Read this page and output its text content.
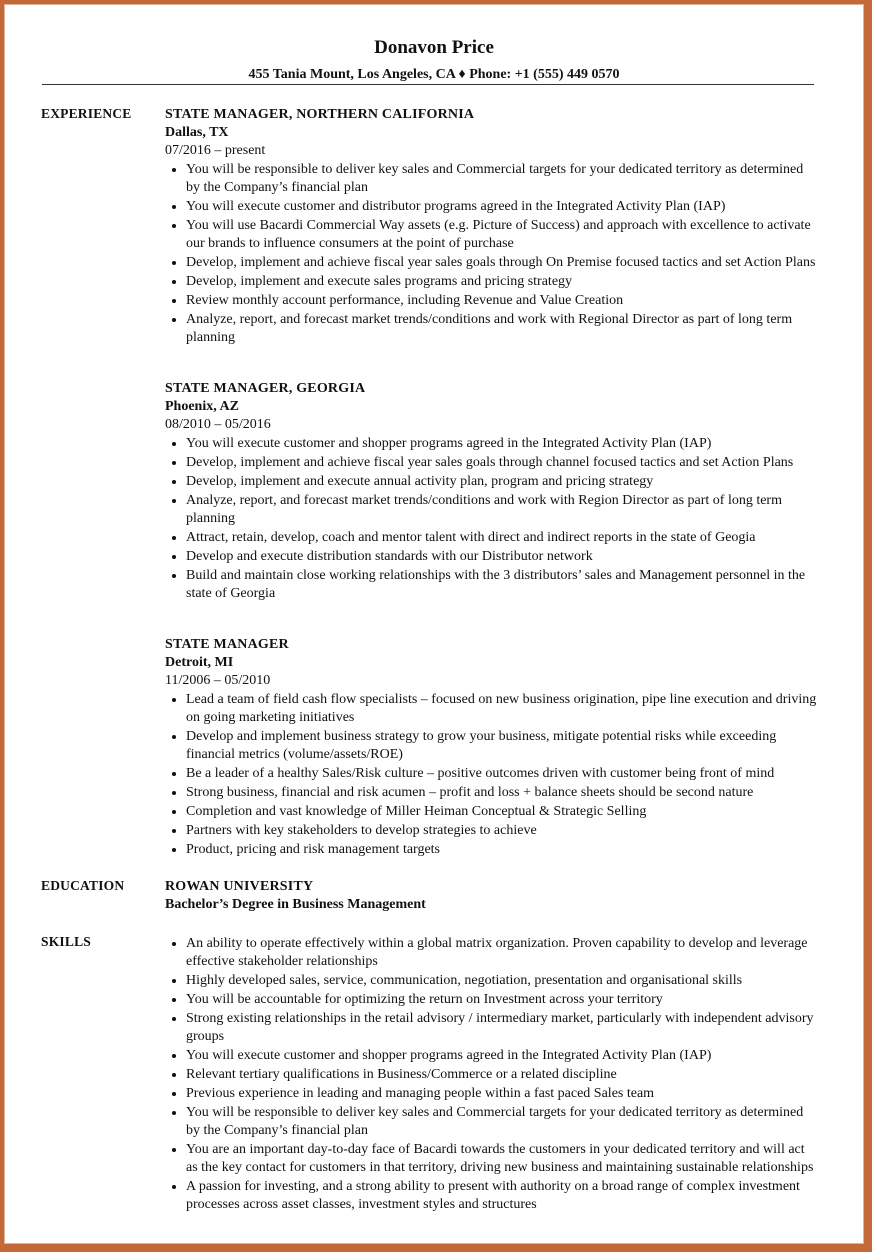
Donavon Price
455 Tania Mount, Los Angeles, CA ♦ Phone: +1 (555) 449 0570
EXPERIENCE STATE MANAGER, NORTHERN CALIFORNIA
Dallas, TX
07/2016 – present
• You will be responsible to deliver key sales and Commercial targets for your dedicated territory as determined by the Company’s financial plan
• You will execute customer and distributor programs agreed in the Integrated Activity Plan (IAP)
• You will use Bacardi Commercial Way assets (e.g. Picture of Success) and approach with excellence to activate our brands to influence consumers at the point of purchase
• Develop, implement and achieve fiscal year sales goals through On Premise focused tactics and set Action Plans
• Develop, implement and execute sales programs and pricing strategy
• Review monthly account performance, including Revenue and Value Creation
• Analyze, report, and forecast market trends/conditions and work with Regional Director as part of long term planning
STATE MANAGER, GEORGIA
Phoenix, AZ
08/2010 – 05/2016
• You will execute customer and shopper programs agreed in the Integrated Activity Plan (IAP)
• Develop, implement and achieve fiscal year sales goals through channel focused tactics and set Action Plans
• Develop, implement and execute annual activity plan, program and pricing strategy
• Analyze, report, and forecast market trends/conditions and work with Region Director as part of long term planning
• Attract, retain, develop, coach and mentor talent with direct and indirect reports in the state of Geogia
• Develop and execute distribution standards with our Distributor network
• Build and maintain close working relationships with the 3 distributors’ sales and Management personnel in the state of Georgia
STATE MANAGER
Detroit, MI
11/2006 – 05/2010
• Lead a team of field cash flow specialists – focused on new business origination, pipe line execution and driving on going marketing initiatives
• Develop and implement business strategy to grow your business, mitigate potential risks while exceeding financial metrics (volume/assets/ROE)
• Be a leader of a healthy Sales/Risk culture – positive outcomes driven with customer being front of mind
• Strong business, financial and risk acumen – profit and loss + balance sheets should be second nature
• Completion and vast knowledge of Miller Heiman Conceptual & Strategic Selling
• Partners with key stakeholders to develop strategies to achieve
• Product, pricing and risk management targets
EDUCATION	ROWAN UNIVERSITY
Bachelor’s Degree in Business Management
SKILLS	• An ability to operate effectively within a global matrix organization. Proven capability to develop and leverage effective stakeholder relationships
• Highly developed sales, service, communication, negotiation, presentation and organisational skills
• You will be accountable for optimizing the return on Investment across your territory
• Strong existing relationships in the retail advisory / intermediary market, particularly with independent advisory groups
• You will execute customer and shopper programs agreed in the Integrated Activity Plan (IAP)
• Relevant tertiary qualifications in Business/Commerce or a related discipline
• Previous experience in leading and managing people within a fast paced Sales team
• You will be responsible to deliver key sales and Commercial targets for your dedicated territory as determined by the Company’s financial plan
• You are an important day-to-day face of Bacardi towards the customers in your dedicated territory and will act as the key contact for customers in that territory, driving new business and maintaining sustainable relationships
• A passion for investing, and a strong ability to present with authority on a broad range of complex investment processes across asset classes, investment styles and structures
